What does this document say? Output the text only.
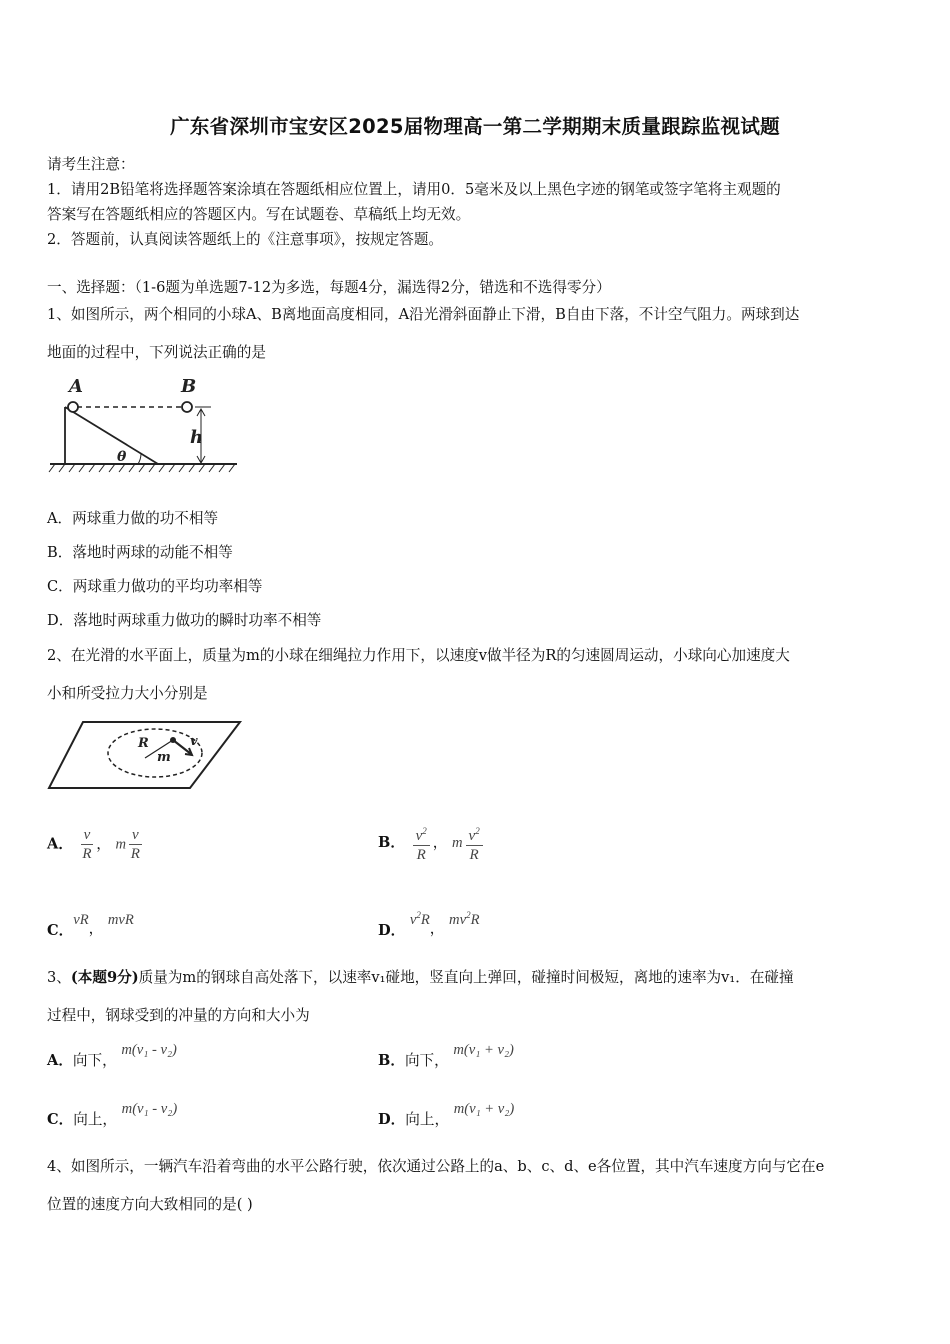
广东省深圳市宝安区2025届物理高一第二学期期末质量跟踪监视试题
请考生注意：
1．请用2B铅笔将选择题答案涂填在答题纸相应位置上，请用0．5毫米及以上黑色字迹的钢笔或签字笔将主观题的
答案写在答题纸相应的答题区内。写在试题卷、草稿纸上均无效。
2．答题前，认真阅读答题纸上的《注意事项》，按规定答题。
一、选择题：（1-6题为单选题7-12为多选，每题4分，漏选得2分，错选和不选得零分）
1、如图所示，两个相同的小球A、B离地面高度相同，A沿光滑斜面静止下滑，B自由下落，不计空气阻力。两球到达
地面的过程中，下列说法正确的是
A	B
h
θ
A．两球重力做的功不相等
B．落地时两球的动能不相等
C．两球重力做功的平均功率相等
D．落地时两球重力做功的瞬时功率不相等
2、在光滑的水平面上，质量为m的小球在细绳拉力作用下，以速度v做半径为R的匀速圆周运动，小球向心加速度大
小和所受拉力大小分别是
R	v
m
A． $\frac{v}{R}$ ， m $\frac{v}{R}$	B． $\frac{v^2}{R}$ ， m $\frac{v^2}{R}$
C．vR， mvR
D． $v^2R$， $mv^2R$
3、(本题9分)质量为m的钢球自高处落下，以速率v₁碰地，竖直向上弹回，碰撞时间极短，离地的速率为v₁．在碰撞
过程中，钢球受到的冲量的方向和大小为
A．向下， m(v₁ - v₂)
B．向下， m(v₁ + v₂)
C．向上， m(v₁ - v₂)
D．向上， m(v₁ + v₂)
4、如图所示，一辆汽车沿着弯曲的水平公路行驶，依次通过公路上的a、b、c、d、e各位置，其中汽车速度方向与它在e
位置的速度方向大致相同的是( )
